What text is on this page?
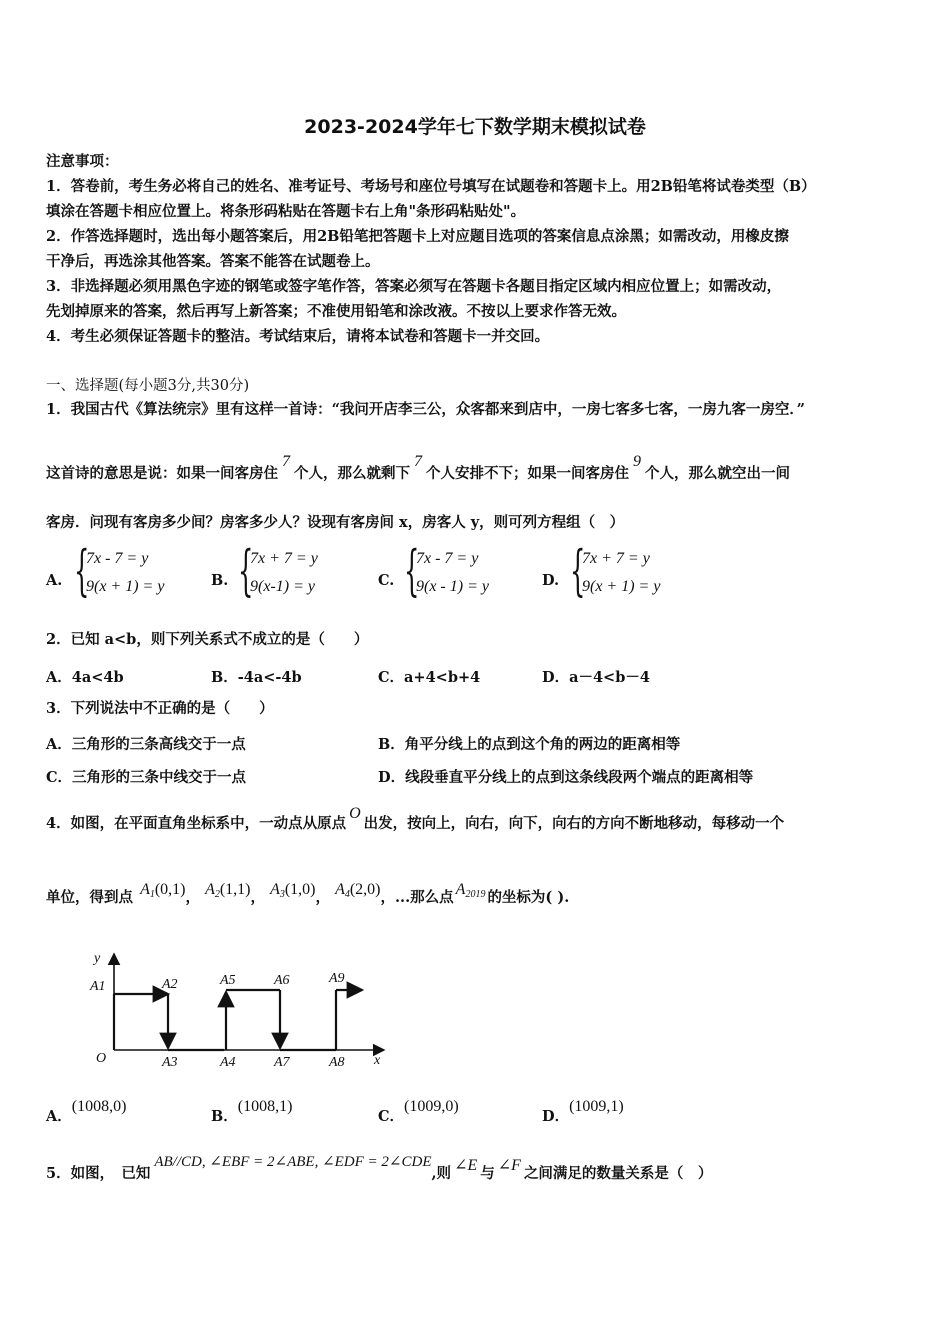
2023-2024学年七下数学期末模拟试卷
注意事项：
1．答卷前，考生务必将自己的姓名、准考证号、考场号和座位号填写在试题卷和答题卡上。用2B铅笔将试卷类型（B）
填涂在答题卡相应位置上。将条形码粘贴在答题卡右上角"条形码粘贴处"。
2．作答选择题时，选出每小题答案后，用2B铅笔把答题卡上对应题目选项的答案信息点涂黑；如需改动，用橡皮擦
干净后，再选涂其他答案。答案不能答在试题卷上。
3．非选择题必须用黑色字迹的钢笔或签字笔作答，答案必须写在答题卡各题目指定区域内相应位置上；如需改动，
先划掉原来的答案，然后再写上新答案；不准使用铅笔和涂改液。不按以上要求作答无效。
4．考生必须保证答题卡的整洁。考试结束后，请将本试卷和答题卡一并交回。
一、选择题(每小题3分,共30分)
1．我国古代《算法统宗》里有这样一首诗：“我问开店李三公，众客都来到店中，一房七客多七客，一房九客一房空．”
这首诗的意思是说：如果一间客房住7个人，那么就剩下7个人安排不下；如果一间客房住9个人，那么就空出一间
客房．问现有客房多少间？房客多少人？设现有客房间 x，房客人 y，则可列方程组（　）
A. {
7x - 7 = y
9(x + 1) = y	B. {
7x + 7 = y
9(x-1) = y	C. {
7x - 7 = y
9(x - 1) = y	D. {
7x + 7 = y
9(x + 1) = y
2．已知 a<b，则下列关系式不成立的是（　　）
A．4a<4b	B．-4a<-4b	C．a+4<b+4	D．a－4<b－4
3．下列说法中不正确的是（　　）
A．三角形的三条高线交于一点	B．角平分线上的点到这个角的两边的距离相等
C．三角形的三条中线交于一点	D．线段垂直平分线上的点到这条线段两个端点的距离相等
4．如图，在平面直角坐标系中，一动点从原点O出发，按向上，向右，向下，向右的方向不断地移动，每移动一个
单位，得到点 $A_1(0,1)$， $A_2(1,1)$， $A_3(1,0)$， $A_4(2,0)$，...那么点 $A_{2019}$ 的坐标为( ).
y
x
O
A1	A2	A5	A6	A9
A3	A4	A7	A8
A．(1008,0)
B．(1008,1)
C．(1009,0)
D．(1009,1)
5．如图，　已知AB//CD, ∠EBF = 2∠ABE, ∠EDF = 2∠CDE,则 ∠E 与 ∠F 之间满足的数量关系是（　）
